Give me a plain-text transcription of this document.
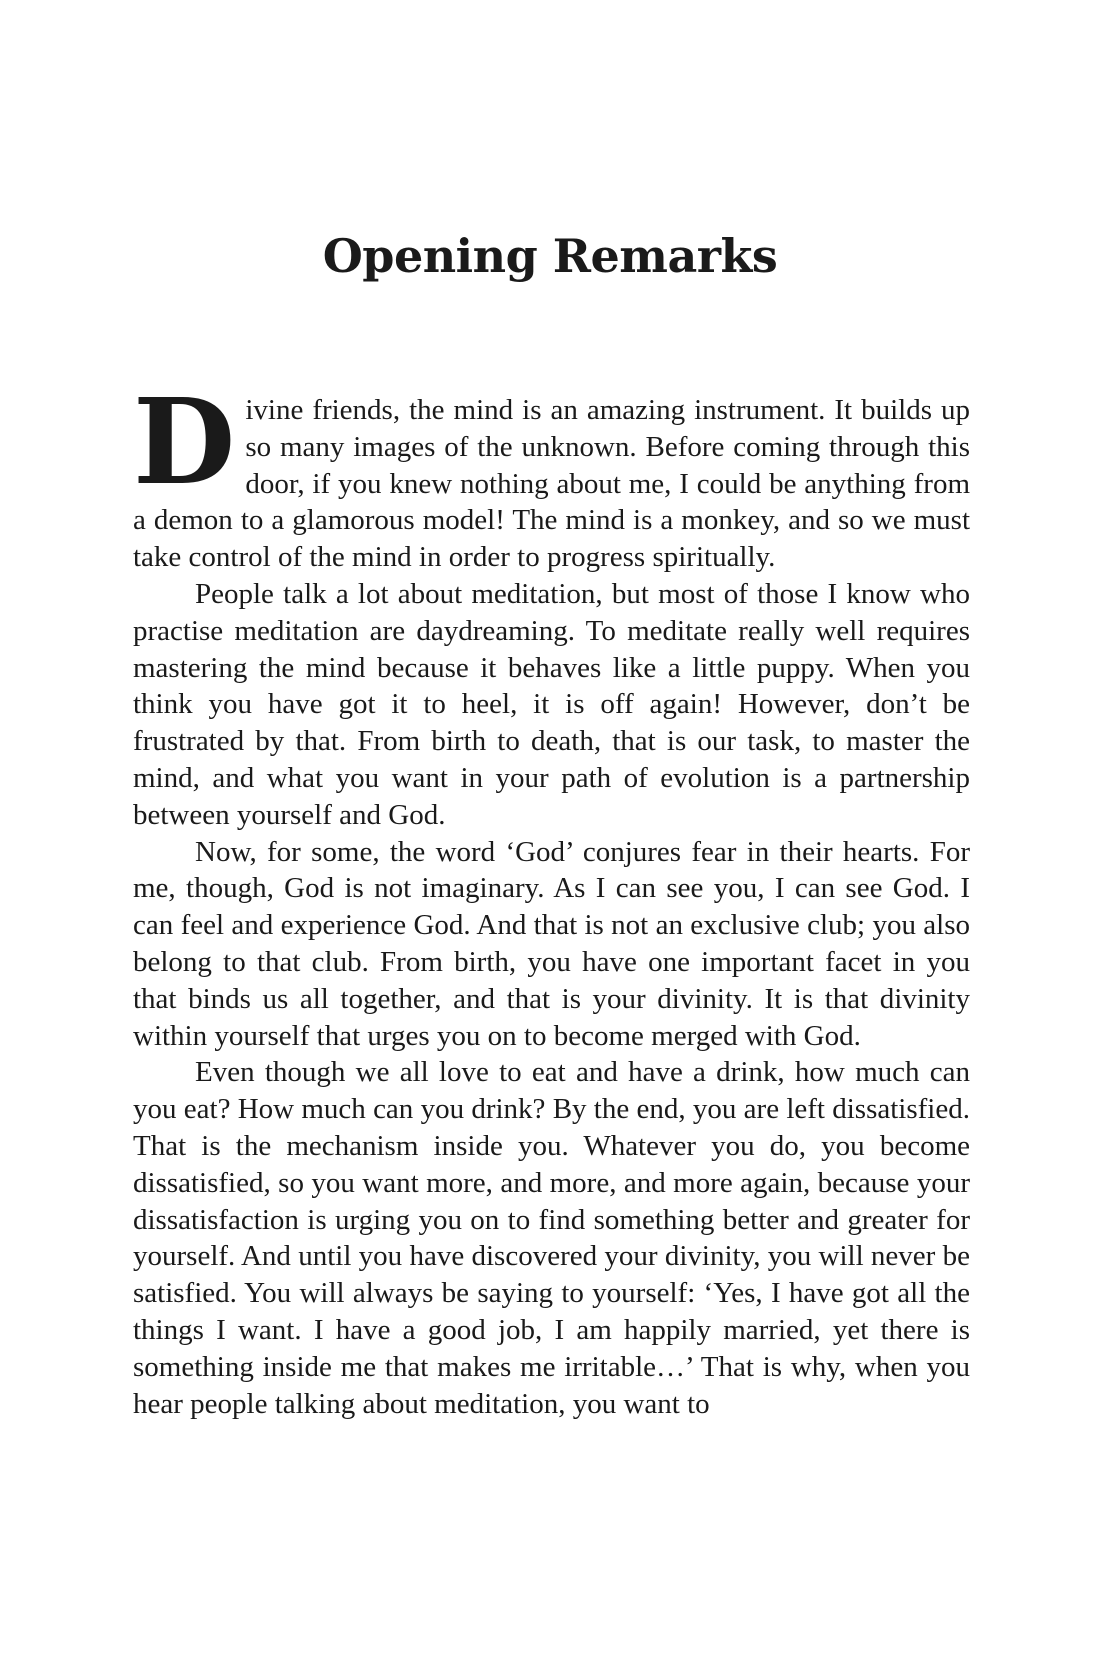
Opening Remarks

Divine friends, the mind is an amazing instrument. It builds up so many images of the unknown. Before coming through this door, if you knew nothing about me, I could be anything from a demon to a glamorous model! The mind is a monkey, and so we must take control of the mind in order to progress spiritually.

People talk a lot about meditation, but most of those I know who practise meditation are daydreaming. To meditate really well requires mastering the mind because it behaves like a little puppy. When you think you have got it to heel, it is off again! However, don’t be frustrated by that. From birth to death, that is our task, to master the mind, and what you want in your path of evolution is a partnership between yourself and God.

Now, for some, the word ‘God’ conjures fear in their hearts. For me, though, God is not imaginary. As I can see you, I can see God. I can feel and experience God. And that is not an exclusive club; you also belong to that club. From birth, you have one important facet in you that binds us all together, and that is your divinity. It is that divinity within yourself that urges you on to become merged with God.

Even though we all love to eat and have a drink, how much can you eat? How much can you drink? By the end, you are left dissatisfied. That is the mechanism inside you. Whatever you do, you become dissatisfied, so you want more, and more, and more again, because your dissatisfaction is urging you on to find something better and greater for yourself. And until you have discovered your divinity, you will never be satisfied. You will always be saying to yourself: ‘Yes, I have got all the things I want. I have a good job, I am happily married, yet there is something inside me that makes me irritable…’ That is why, when you hear people talking about meditation, you want to
